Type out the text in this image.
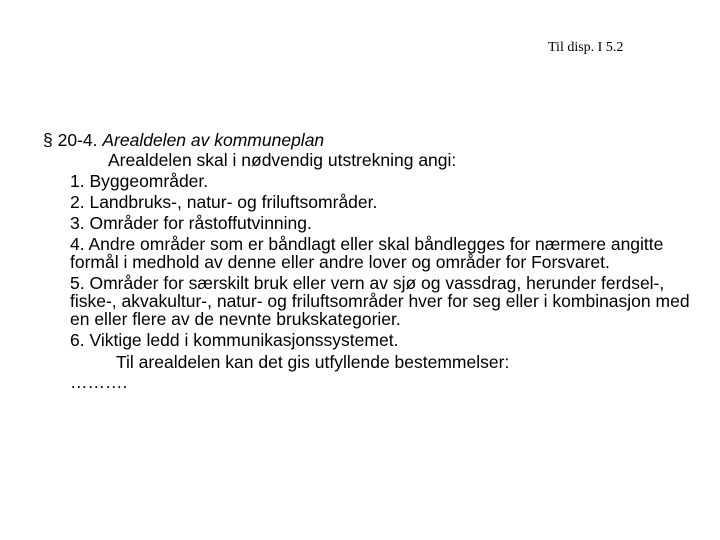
Til disp. I 5.2

§ 20-4. Arealdelen av kommuneplan

Arealdelen skal i nødvendig utstrekning angi:
1. Byggeområder.
2. Landbruks-, natur- og friluftsområder.
3. Områder for råstoffutvinning.
4. Andre områder som er båndlagt eller skal båndlegges for nærmere angitte formål i medhold av denne eller andre lover og områder for Forsvaret.
5. Områder for særskilt bruk eller vern av sjø og vassdrag, herunder ferdsel-, fiske-, akvakultur-, natur- og friluftsområder hver for seg eller i kombinasjon med en eller flere av de nevnte brukskategorier.
6. Viktige ledd i kommunikasjonssystemet.
Til arealdelen kan det gis utfyllende bestemmelser:
……….
